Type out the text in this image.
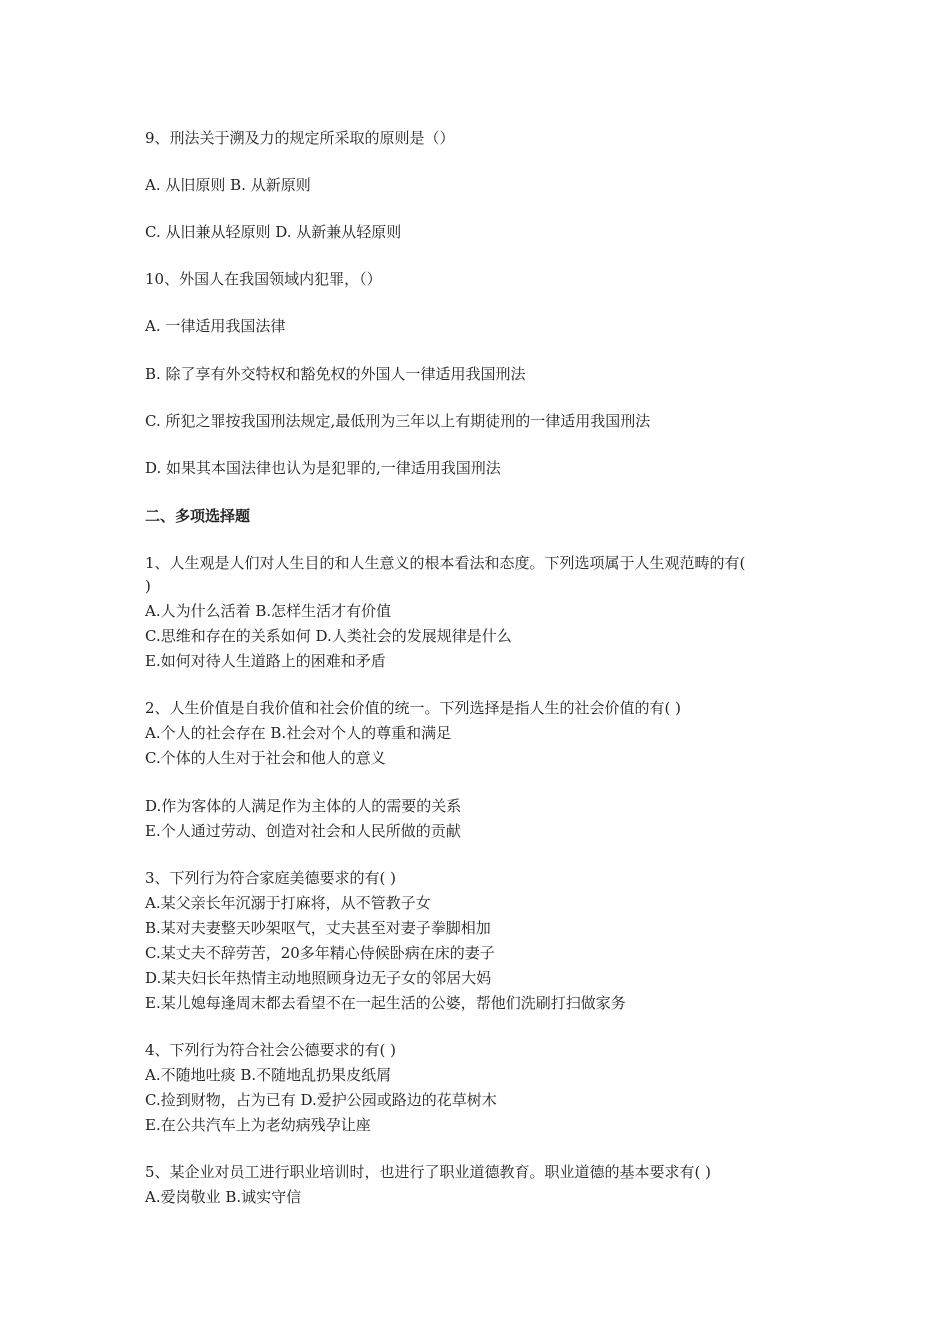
9、刑法关于溯及力的规定所采取的原则是（）
A. 从旧原则 B. 从新原则
C. 从旧兼从轻原则 D. 从新兼从轻原则
10、外国人在我国领域内犯罪，（）
A. 一律适用我国法律
B. 除了享有外交特权和豁免权的外国人一律适用我国刑法
C. 所犯之罪按我国刑法规定,最低刑为三年以上有期徒刑的一律适用我国刑法
D. 如果其本国法律也认为是犯罪的,一律适用我国刑法
二、多项选择题
1、人生观是人们对人生目的和人生意义的根本看法和态度。下列选项属于人生观范畴的有(
)
A.人为什么活着 B.怎样生活才有价值
C.思维和存在的关系如何 D.人类社会的发展规律是什么
E.如何对待人生道路上的困难和矛盾
2、人生价值是自我价值和社会价值的统一。下列选择是指人生的社会价值的有( )
A.个人的社会存在 B.社会对个人的尊重和满足
C.个体的人生对于社会和他人的意义
D.作为客体的人满足作为主体的人的需要的关系
E.个人通过劳动、创造对社会和人民所做的贡献
3、下列行为符合家庭美德要求的有( )
A.某父亲长年沉溺于打麻将，从不管教子女
B.某对夫妻整天吵架呕气，丈夫甚至对妻子拳脚相加
C.某丈夫不辞劳苦，20多年精心侍候卧病在床的妻子
D.某夫妇长年热情主动地照顾身边无子女的邻居大妈
E.某儿媳每逢周末都去看望不在一起生活的公婆，帮他们洗刷打扫做家务
4、下列行为符合社会公德要求的有( )
A.不随地吐痰 B.不随地乱扔果皮纸屑
C.捡到财物，占为已有 D.爱护公园或路边的花草树木
E.在公共汽车上为老幼病残孕让座
5、某企业对员工进行职业培训时，也进行了职业道德教育。职业道德的基本要求有( )
A.爱岗敬业 B.诚实守信
